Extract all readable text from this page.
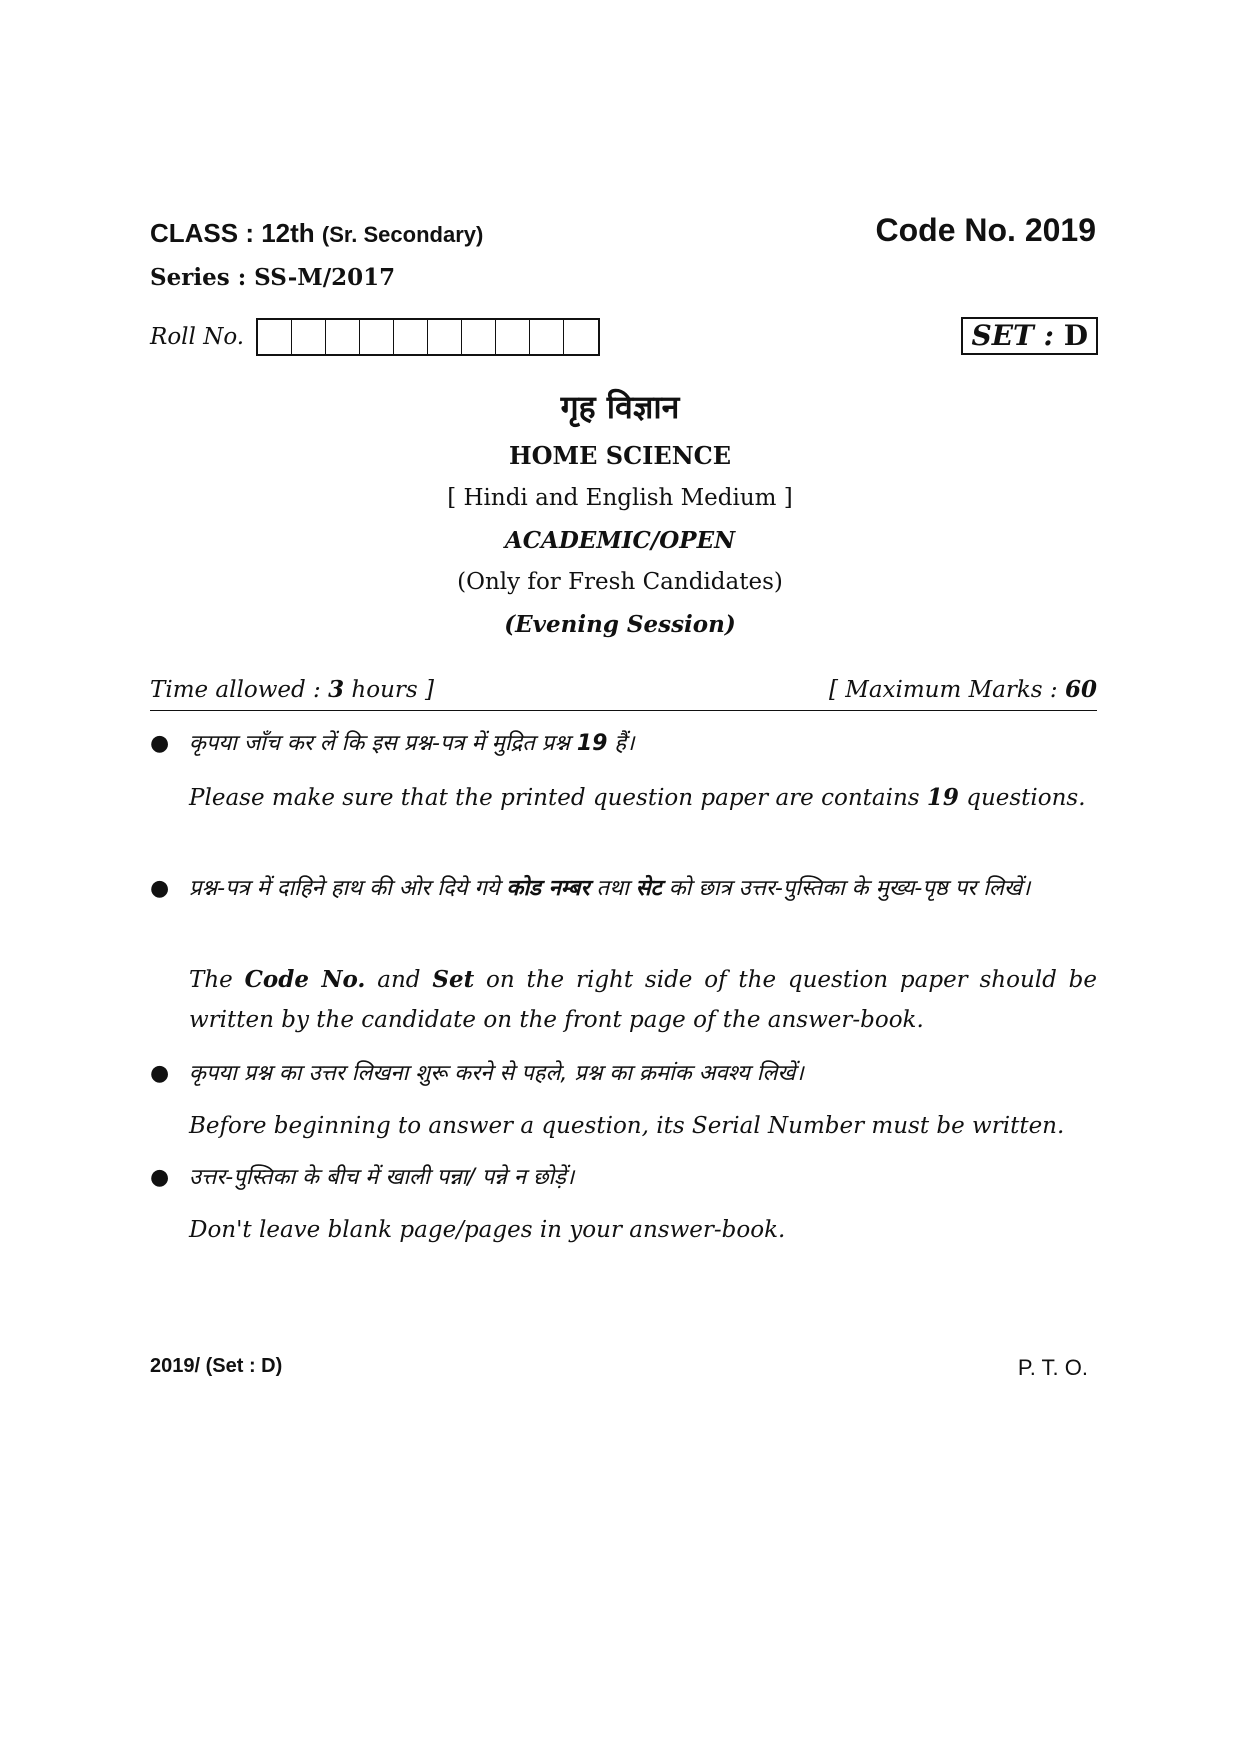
CLASS : 12th (Sr. Secondary)	Code No. 2019
Series : SS-M/2017
Roll No.	SET : D
गृह विज्ञान
HOME SCIENCE
[ Hindi and English Medium ]
ACADEMIC/OPEN
(Only for Fresh Candidates)
(Evening Session)
Time allowed : 3 hours ]	[ Maximum Marks : 60
● कृपया जाँच कर लें कि इस प्रश्न-पत्र में मुद्रित प्रश्न 19 हैं।
Please make sure that the printed question paper are contains 19 questions.
● प्रश्न-पत्र में दाहिने हाथ की ओर दिये गये कोड नम्बर तथा सेट को छात्र उत्तर-पुस्तिका के मुख्य-पृष्ठ पर लिखें।
The Code No. and Set on the right side of the question paper should be written by the candidate on the front page of the answer-book.
● कृपया प्रश्न का उत्तर लिखना शुरू करने से पहले, प्रश्न का क्रमांक अवश्य लिखें।
Before beginning to answer a question, its Serial Number must be written.
● उत्तर-पुस्तिका के बीच में खाली पन्ना/ पन्ने न छोड़ें।
Don't leave blank page/pages in your answer-book.
2019/ (Set : D)	P. T. O.
